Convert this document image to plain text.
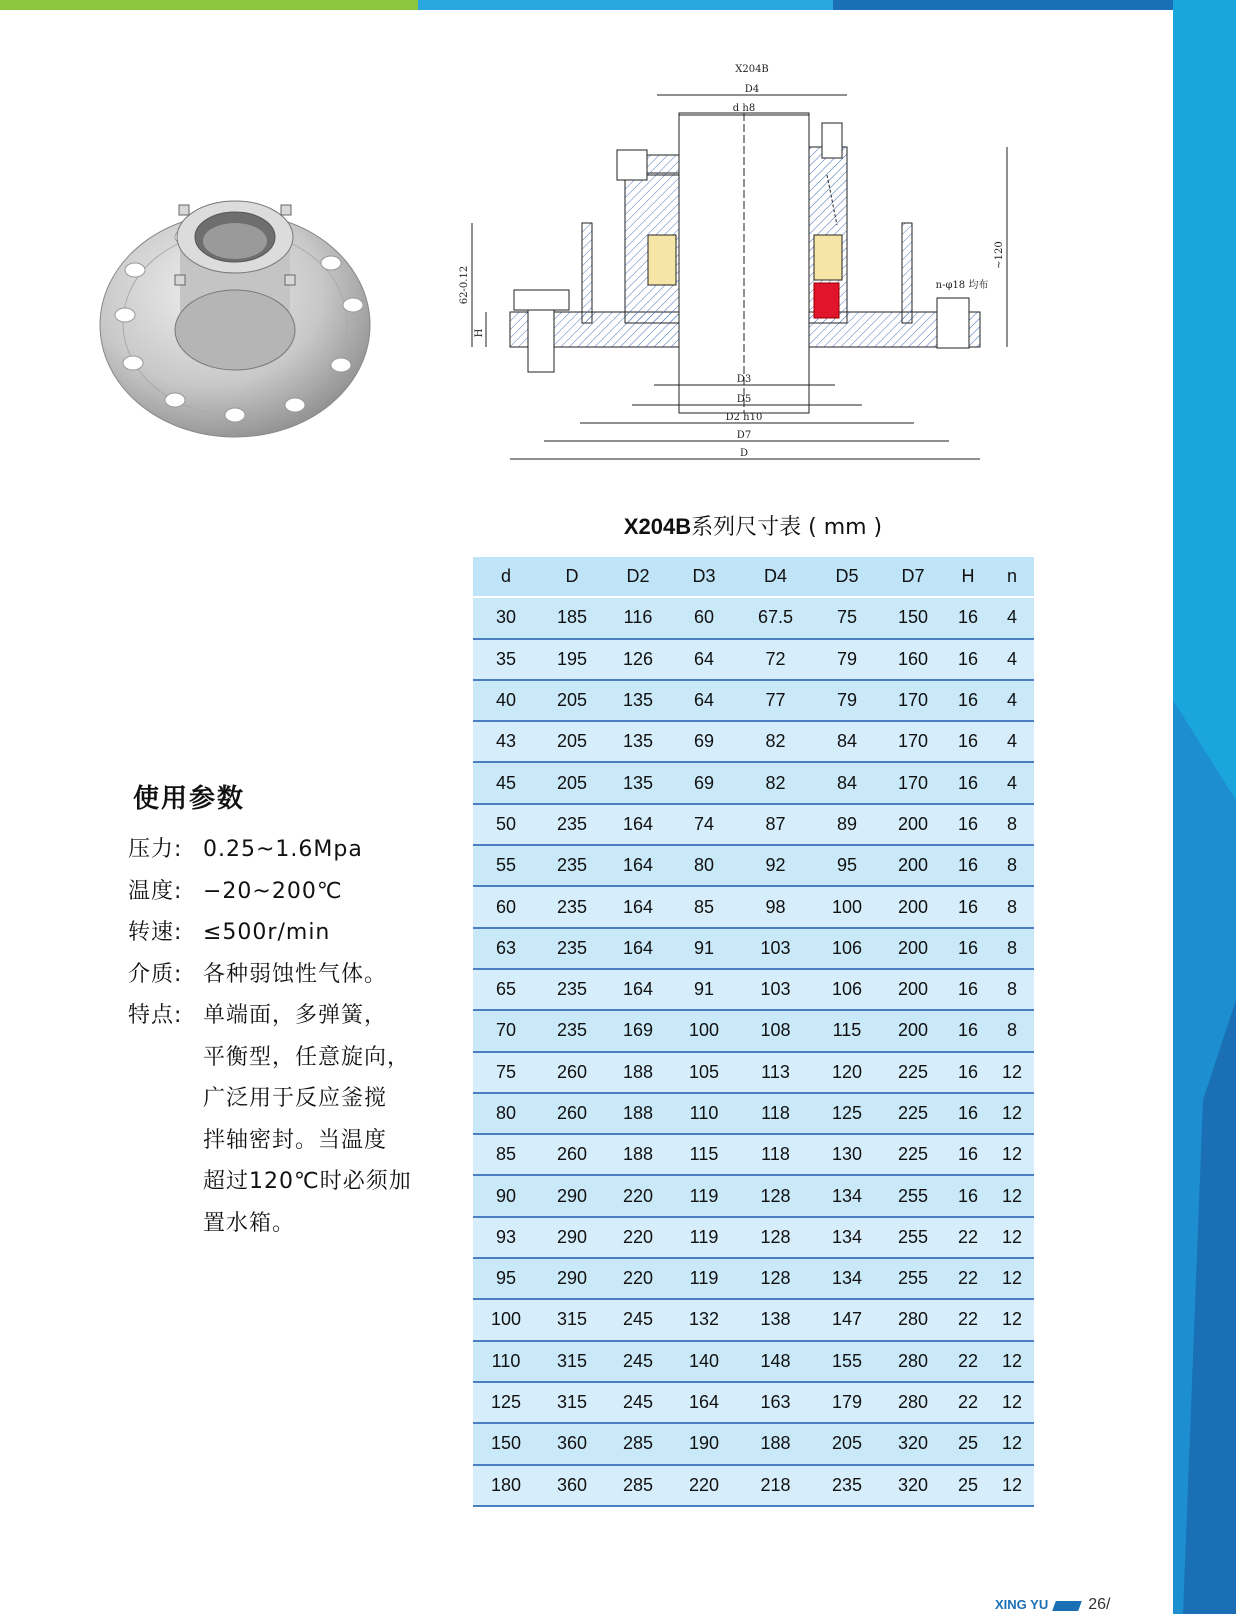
X204B
D4
d h8
D3
D5
D2 h10
D7
D
n-φ18 均布
~120
62-0.12
H
X204B系列尺寸表 ( mm )
d	D	D2	D3	D4	D5	D7	H	n
30	185	116	60	67.5	75	150	16	4
35	195	126	64	72	79	160	16	4
40	205	135	64	77	79	170	16	4
43	205	135	69	82	84	170	16	4
45	205	135	69	82	84	170	16	4
50	235	164	74	87	89	200	16	8
55	235	164	80	92	95	200	16	8
60	235	164	85	98	100	200	16	8
63	235	164	91	103	106	200	16	8
65	235	164	91	103	106	200	16	8
70	235	169	100	108	115	200	16	8
75	260	188	105	113	120	225	16	12
80	260	188	110	118	125	225	16	12
85	260	188	115	118	130	225	16	12
90	290	220	119	128	134	255	16	12
93	290	220	119	128	134	255	22	12
95	290	220	119	128	134	255	22	12
100	315	245	132	138	147	280	22	12
110	315	245	140	148	155	280	22	12
125	315	245	164	163	179	280	22	12
150	360	285	190	188	205	320	25	12
180	360	285	220	218	235	320	25	12
使用参数
压力: 0.25~1.6Mpa
温度: −20~200℃
转速: ≤500r/min
介质: 各种弱蚀性气体。
特点: 单端面，多弹簧，
平衡型，任意旋向，
广泛用于反应釜搅
拌轴密封。当温度
超过120℃时必须加
置水箱。
XING YU	26/
